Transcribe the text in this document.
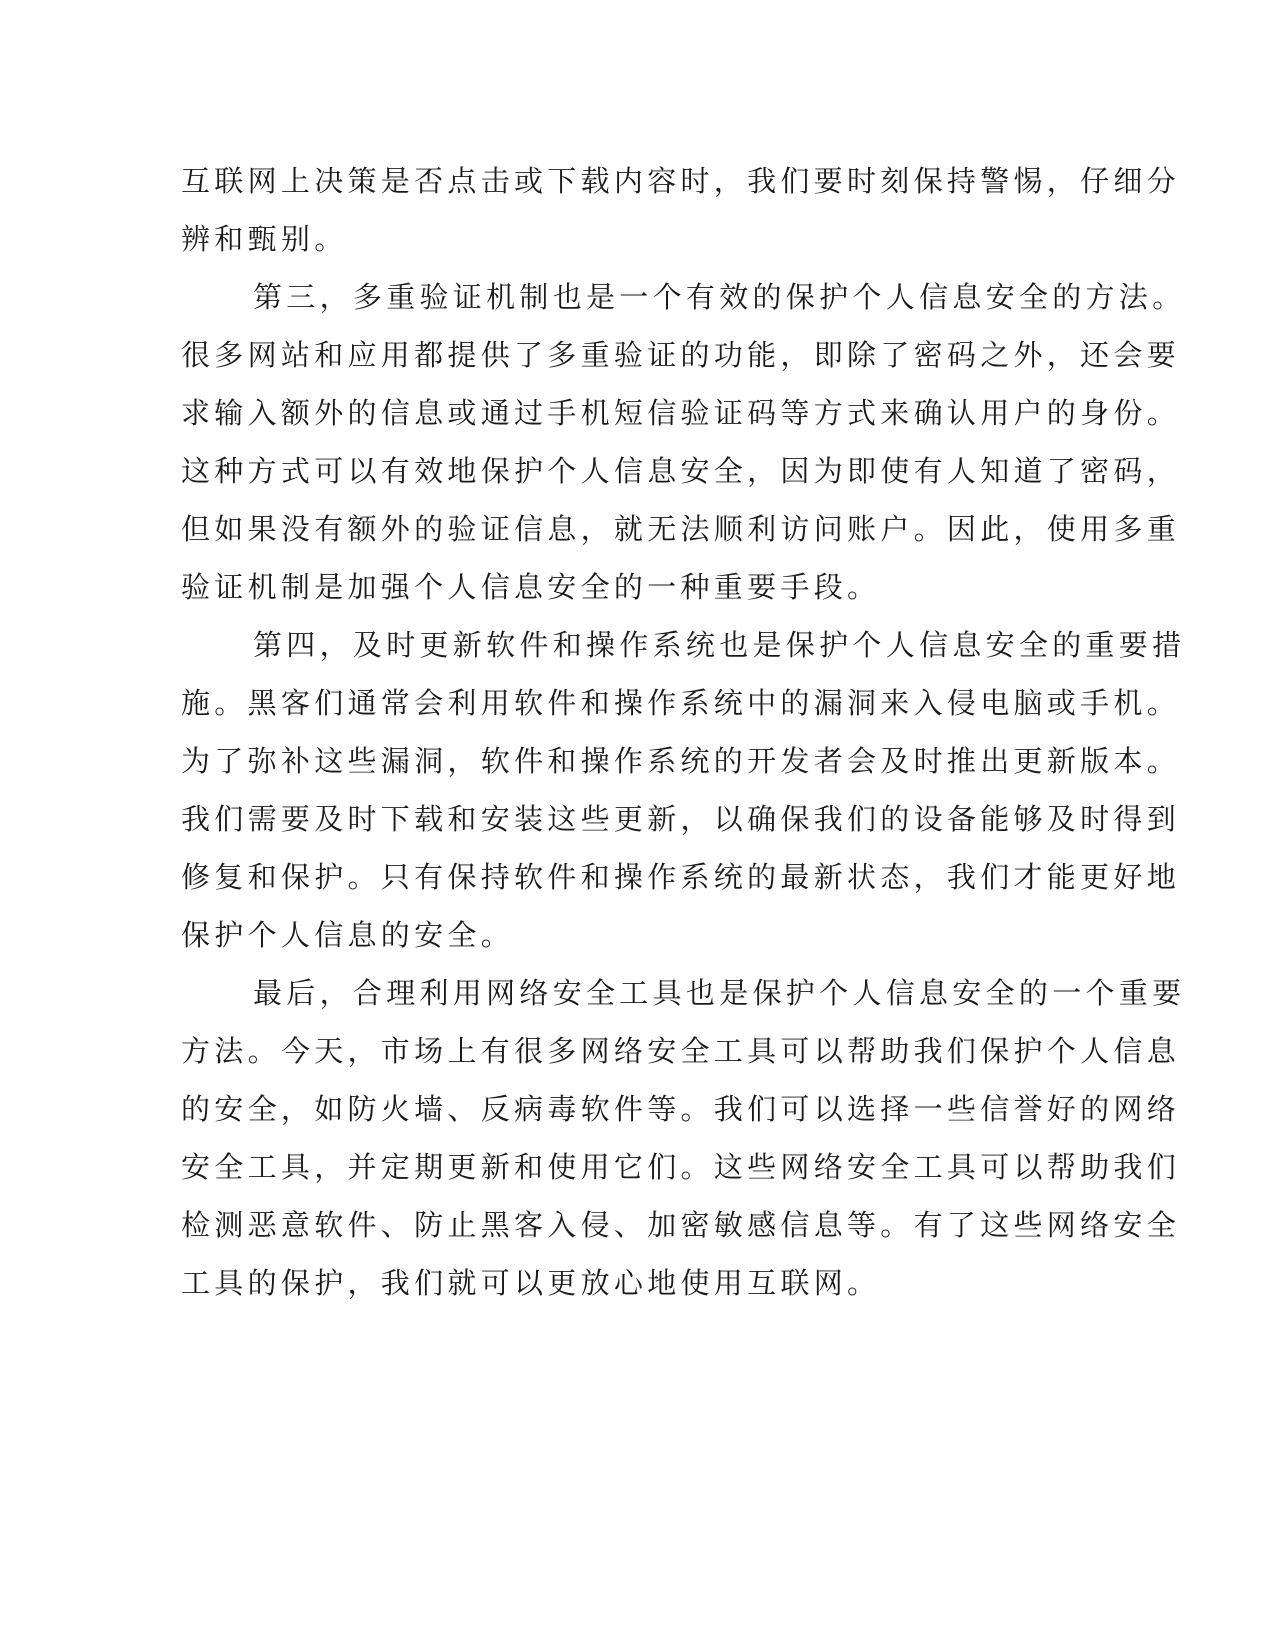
互联网上决策是否点击或下载内容时，我们要时刻保持警惕，仔细分
辨和甄别。
第三，多重验证机制也是一个有效的保护个人信息安全的方法。
很多网站和应用都提供了多重验证的功能，即除了密码之外，还会要
求输入额外的信息或通过手机短信验证码等方式来确认用户的身份。
这种方式可以有效地保护个人信息安全，因为即使有人知道了密码，
但如果没有额外的验证信息，就无法顺利访问账户。因此，使用多重
验证机制是加强个人信息安全的一种重要手段。
第四，及时更新软件和操作系统也是保护个人信息安全的重要措
施。黑客们通常会利用软件和操作系统中的漏洞来入侵电脑或手机。
为了弥补这些漏洞，软件和操作系统的开发者会及时推出更新版本。
我们需要及时下载和安装这些更新，以确保我们的设备能够及时得到
修复和保护。只有保持软件和操作系统的最新状态，我们才能更好地
保护个人信息的安全。
最后，合理利用网络安全工具也是保护个人信息安全的一个重要
方法。今天，市场上有很多网络安全工具可以帮助我们保护个人信息
的安全，如防火墙、反病毒软件等。我们可以选择一些信誉好的网络
安全工具，并定期更新和使用它们。这些网络安全工具可以帮助我们
检测恶意软件、防止黑客入侵、加密敏感信息等。有了这些网络安全
工具的保护，我们就可以更放心地使用互联网。
